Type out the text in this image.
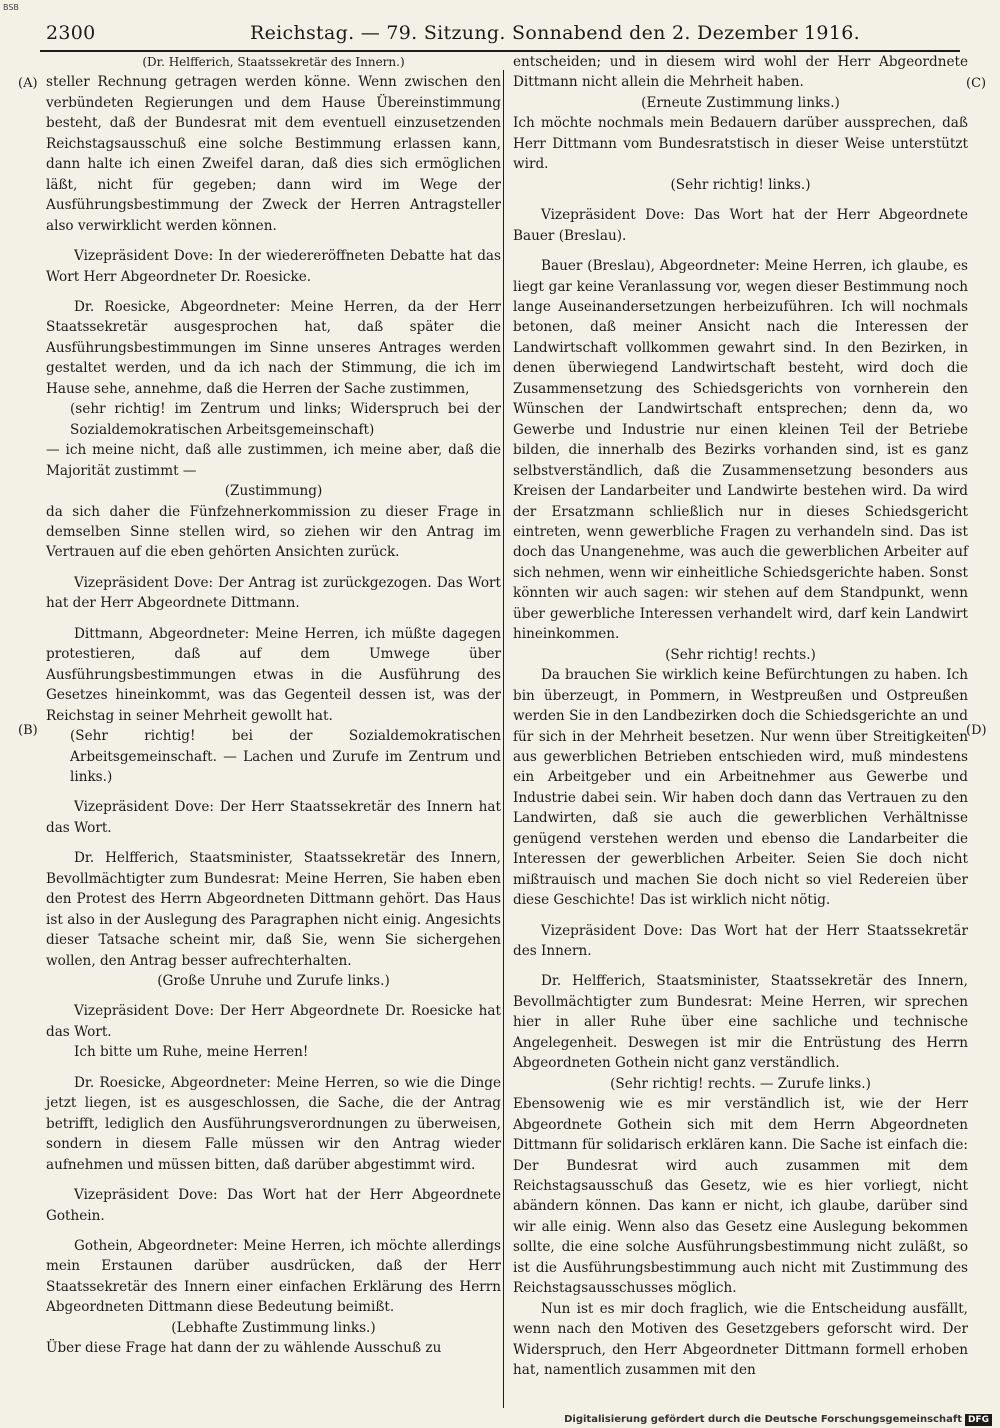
BSB
2300	Reichstag. — 79. Sitzung. Sonnabend den 2. Dezember 1916.
(A)
(B)
(C)
(D)

(Dr. Helfferich, Staatssekretär des Innern.)

steller Rechnung getragen werden könne. Wenn zwischen den verbündeten Regierungen und dem Hause Übereinstimmung besteht, daß der Bundesrat mit dem eventuell einzusetzenden Reichstagsausschuß eine solche Bestimmung erlassen kann, dann halte ich einen Zweifel daran, daß dies sich ermöglichen läßt, nicht für gegeben; dann wird im Wege der Ausführungsbestimmung der Zweck der Herren Antragsteller also verwirklicht werden können.

Vizepräsident Dove: In der wiedereröffneten Debatte hat das Wort Herr Abgeordneter Dr. Roesicke.

Dr. Roesicke, Abgeordneter: Meine Herren, da der Herr Staatssekretär ausgesprochen hat, daß später die Ausführungsbestimmungen im Sinne unseres Antrages werden gestaltet werden, und da ich nach der Stimmung, die ich im Hause sehe, annehme, daß die Herren der Sache zustimmen,

(sehr richtig! im Zentrum und links; Widerspruch bei der Sozialdemokratischen Arbeitsgemeinschaft)

— ich meine nicht, daß alle zustimmen, ich meine aber, daß die Majorität zustimmt —

(Zustimmung)

da sich daher die Fünfzehnerkommission zu dieser Frage in demselben Sinne stellen wird, so ziehen wir den Antrag im Vertrauen auf die eben gehörten Ansichten zurück.

Vizepräsident Dove: Der Antrag ist zurückgezogen. Das Wort hat der Herr Abgeordnete Dittmann.

Dittmann, Abgeordneter: Meine Herren, ich müßte dagegen protestieren, daß auf dem Umwege über Ausführungsbestimmungen etwas in die Ausführung des Gesetzes hineinkommt, was das Gegenteil dessen ist, was der Reichstag in seiner Mehrheit gewollt hat.

(Sehr richtig! bei der Sozialdemokratischen Arbeitsgemeinschaft. — Lachen und Zurufe im Zentrum und links.)

Vizepräsident Dove: Der Herr Staatssekretär des Innern hat das Wort.

Dr. Helfferich, Staatsminister, Staatssekretär des Innern, Bevollmächtigter zum Bundesrat: Meine Herren, Sie haben eben den Protest des Herrn Abgeordneten Dittmann gehört. Das Haus ist also in der Auslegung des Paragraphen nicht einig. Angesichts dieser Tatsache scheint mir, daß Sie, wenn Sie sichergehen wollen, den Antrag besser aufrechterhalten.

(Große Unruhe und Zurufe links.)

Vizepräsident Dove: Der Herr Abgeordnete Dr. Roesicke hat das Wort.

Ich bitte um Ruhe, meine Herren!

Dr. Roesicke, Abgeordneter: Meine Herren, so wie die Dinge jetzt liegen, ist es ausgeschlossen, die Sache, die der Antrag betrifft, lediglich den Ausführungsverordnungen zu überweisen, sondern in diesem Falle müssen wir den Antrag wieder aufnehmen und müssen bitten, daß darüber abgestimmt wird.

Vizepräsident Dove: Das Wort hat der Herr Abgeordnete Gothein.

Gothein, Abgeordneter: Meine Herren, ich möchte allerdings mein Erstaunen darüber ausdrücken, daß der Herr Staatssekretär des Innern einer einfachen Erklärung des Herrn Abgeordneten Dittmann diese Bedeutung beimißt.

(Lebhafte Zustimmung links.)

Über diese Frage hat dann der zu wählende Ausschuß zu

entscheiden; und in diesem wird wohl der Herr Abgeordnete Dittmann nicht allein die Mehrheit haben.

(Erneute Zustimmung links.)

Ich möchte nochmals mein Bedauern darüber aussprechen, daß Herr Dittmann vom Bundesratstisch in dieser Weise unterstützt wird.

(Sehr richtig! links.)

Vizepräsident Dove: Das Wort hat der Herr Abgeordnete Bauer (Breslau).

Bauer (Breslau), Abgeordneter: Meine Herren, ich glaube, es liegt gar keine Veranlassung vor, wegen dieser Bestimmung noch lange Auseinandersetzungen herbeizuführen. Ich will nochmals betonen, daß meiner Ansicht nach die Interessen der Landwirtschaft vollkommen gewahrt sind. In den Bezirken, in denen überwiegend Landwirtschaft besteht, wird doch die Zusammensetzung des Schiedsgerichts von vornherein den Wünschen der Landwirtschaft entsprechen; denn da, wo Gewerbe und Industrie nur einen kleinen Teil der Betriebe bilden, die innerhalb des Bezirks vorhanden sind, ist es ganz selbstverständlich, daß die Zusammensetzung besonders aus Kreisen der Landarbeiter und Landwirte bestehen wird. Da wird der Ersatzmann schließlich nur in dieses Schiedsgericht eintreten, wenn gewerbliche Fragen zu verhandeln sind. Das ist doch das Unangenehme, was auch die gewerblichen Arbeiter auf sich nehmen, wenn wir einheitliche Schiedsgerichte haben. Sonst könnten wir auch sagen: wir stehen auf dem Standpunkt, wenn über gewerbliche Interessen verhandelt wird, darf kein Landwirt hineinkommen.

(Sehr richtig! rechts.)

Da brauchen Sie wirklich keine Befürchtungen zu haben. Ich bin überzeugt, in Pommern, in Westpreußen und Ostpreußen werden Sie in den Landbezirken doch die Schiedsgerichte an und für sich in der Mehrheit besetzen. Nur wenn über Streitigkeiten aus gewerblichen Betrieben entschieden wird, muß mindestens ein Arbeitgeber und ein Arbeitnehmer aus Gewerbe und Industrie dabei sein. Wir haben doch dann das Vertrauen zu den Landwirten, daß sie auch die gewerblichen Verhältnisse genügend verstehen werden und ebenso die Landarbeiter die Interessen der gewerblichen Arbeiter. Seien Sie doch nicht mißtrauisch und machen Sie doch nicht so viel Redereien über diese Geschichte! Das ist wirklich nicht nötig.

Vizepräsident Dove: Das Wort hat der Herr Staatssekretär des Innern.

Dr. Helfferich, Staatsminister, Staatssekretär des Innern, Bevollmächtigter zum Bundesrat: Meine Herren, wir sprechen hier in aller Ruhe über eine sachliche und technische Angelegenheit. Deswegen ist mir die Entrüstung des Herrn Abgeordneten Gothein nicht ganz verständlich.

(Sehr richtig! rechts. — Zurufe links.)

Ebensowenig wie es mir verständlich ist, wie der Herr Abgeordnete Gothein sich mit dem Herrn Abgeordneten Dittmann für solidarisch erklären kann. Die Sache ist einfach die: Der Bundesrat wird auch zusammen mit dem Reichstagsausschuß das Gesetz, wie es hier vorliegt, nicht abändern können. Das kann er nicht, ich glaube, darüber sind wir alle einig. Wenn also das Gesetz eine Auslegung bekommen sollte, die eine solche Ausführungsbestimmung nicht zuläßt, so ist die Ausführungsbestimmung auch nicht mit Zustimmung des Reichstagsausschusses möglich.

Nun ist es mir doch fraglich, wie die Entscheidung ausfällt, wenn nach den Motiven des Gesetzgebers geforscht wird. Der Widerspruch, den Herr Abgeordneter Dittmann formell erhoben hat, namentlich zusammen mit den

Digitalisierung gefördert durch die Deutsche Forschungsgemeinschaft DFG
